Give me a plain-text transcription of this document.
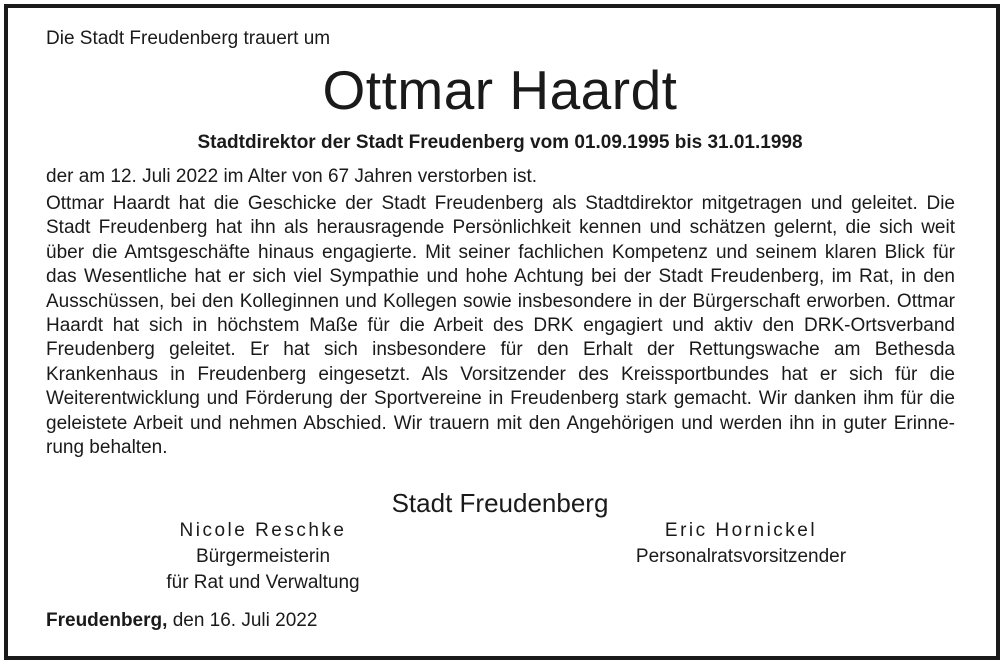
Die Stadt Freudenberg trauert um
Ottmar Haardt
Stadtdirektor der Stadt Freudenberg vom 01.09.1995 bis 31.01.1998
der am 12. Juli 2022 im Alter von 67 Jahren verstorben ist.
Ottmar Haardt hat die Geschicke der Stadt Freudenberg als Stadtdirektor mitgetragen und geleitet. Die Stadt Freudenberg hat ihn als herausragende Persönlichkeit kennen und schätzen gelernt, die sich weit über die Amtsgeschäfte hinaus engagierte. Mit seiner fachlichen Kompetenz und seinem klaren Blick für das Wesentliche hat er sich viel Sympathie und hohe Achtung bei der Stadt Freudenberg, im Rat, in den Ausschüssen, bei den Kolleginnen und Kollegen sowie insbesondere in der Bürgerschaft erworben. Ottmar Haardt hat sich in höchstem Maße für die Arbeit des DRK engagiert und aktiv den DRK-Ortsverband Freudenberg geleitet. Er hat sich insbesondere für den Erhalt der Rettungswache am Bethesda Krankenhaus in Freudenberg eingesetzt. Als Vorsitzender des Kreissportbundes hat er sich für die Weiterentwicklung und Förderung der Sportvereine in Freudenberg stark gemacht. Wir danken ihm für die geleistete Arbeit und nehmen Abschied. Wir trauern mit den Angehörigen und werden ihn in guter Erinnerung behalten.
Stadt Freudenberg
Nicole Reschke
Bürgermeisterin
für Rat und Verwaltung
Eric Hornickel
Personalratsvorsitzender
Freudenberg, den 16. Juli 2022
